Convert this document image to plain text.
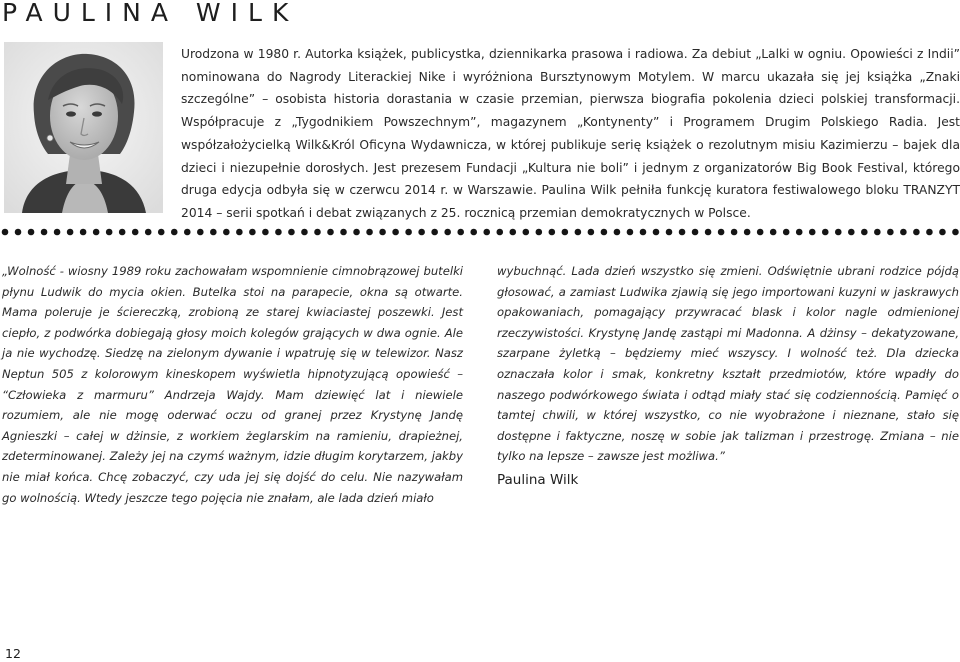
PAULINA WILK

Urodzona w 1980 r. Autorka książek, publicystka, dziennikarka prasowa i radiowa. Za debiut „Lalki w ogniu. Opowieści z Indii” nominowana do Nagrody Literackiej Nike i wyróżniona Bursztynowym Motylem. W marcu ukazała się jej książka „Znaki szczególne” – osobista historia dorastania w czasie przemian, pierwsza biografia pokolenia dzieci polskiej transformacji. Współpracuje z „Tygodnikiem Powszechnym”, magazynem „Kontynenty” i Programem Drugim Polskiego Radia. Jest współzałożycielką Wilk&Król Oficyna Wydawnicza, w której publikuje serię książek o rezolutnym misiu Kazimierzu – bajek dla dzieci i niezupełnie dorosłych. Jest prezesem Fundacji „Kultura nie boli” i jednym z organizatorów Big Book Festival, którego druga edycja odbyła się w czerwcu 2014 r. w Warszawie. Paulina Wilk pełniła funkcję kuratora festiwalowego bloku TRANZYT 2014 – serii spotkań i debat związanych z 25. rocznicą przemian demokratycznych w Polsce.

„Wolność - wiosny 1989 roku zachowałam wspomnienie cimnobrązowej butelki płynu Ludwik do mycia okien. Butelka stoi na parapecie, okna są otwarte. Mama poleruje je ściereczką, zrobioną ze starej kwiaciastej poszewki. Jest ciepło, z podwórka dobiegają głosy moich kolegów grających w dwa ognie. Ale ja nie wychodzę. Siedzę na zielonym dywanie i wpatruję się w telewizor. Nasz Neptun 505 z kolorowym kineskopem wyświetla hipnotyzującą opowieść – “Człowieka z marmuru” Andrzeja Wajdy. Mam dziewięć lat i niewiele rozumiem, ale nie mogę oderwać oczu od granej przez Krystynę Jandę Agnieszki – całej w dżinsie, z workiem żeglarskim na ramieniu, drapieżnej, zdeterminowanej. Zależy jej na czymś ważnym, idzie długim korytarzem, jakby nie miał końca. Chcę zobaczyć, czy uda jej się dojść do celu. Nie nazywałam go wolnością. Wtedy jeszcze tego pojęcia nie znałam, ale lada dzień miało

wybuchnąć. Lada dzień wszystko się zmieni. Odświętnie ubrani rodzice pójdą głosować, a zamiast Ludwika zjawią się jego importowani kuzyni w jaskrawych opakowaniach, pomagający przywracać blask i kolor nagle odmienionej rzeczywistości. Krystynę Jandę zastąpi mi Madonna. A dżinsy – dekatyzowane, szarpane żyletką – będziemy mieć wszyscy. I wolność też. Dla dziecka oznaczała kolor i smak, konkretny kształt przedmiotów, które wpadły do naszego podwórkowego świata i odtąd miały stać się codziennością. Pamięć o tamtej chwili, w której wszystko, co nie wyobrażone i nieznane, stało się dostępne i faktyczne, noszę w sobie jak talizman i przestrogę. Zmiana – nie tylko na lepsze – zawsze jest możliwa.”

Paulina Wilk

12
